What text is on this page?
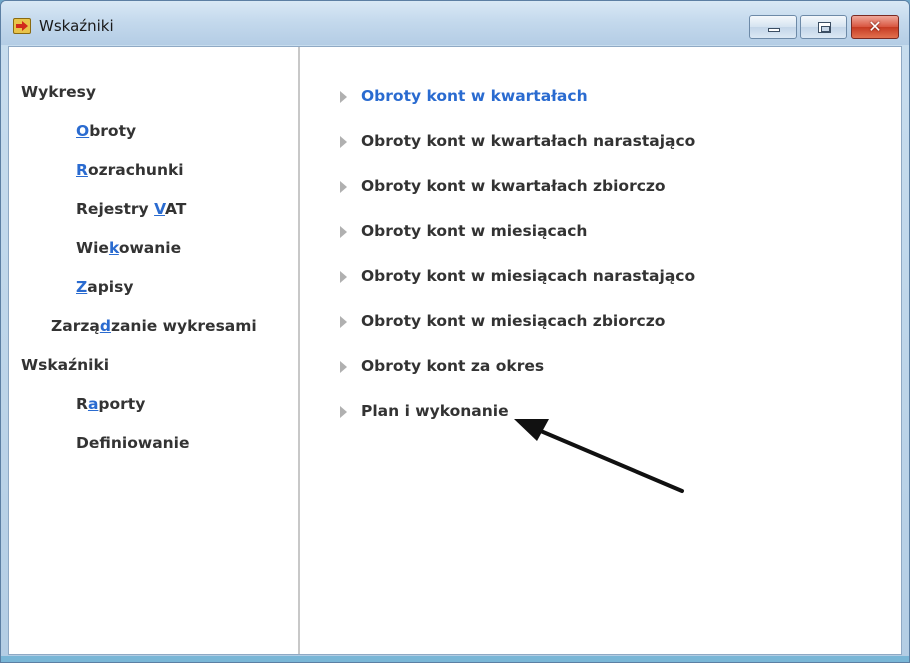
Wskaźniki	✕
Wykresy
Obroty
Rozrachunki
Rejestry VAT
Wiekowanie
Zapisy
Zarządzanie wykresami
Wskaźniki
Raporty
Defniowanie
Obroty kont w kwartałach
Obroty kont w kwartałach narastająco
Obroty kont w kwartałach zbiorczo
Obroty kont w miesiącach
Obroty kont w miesiącach narastająco
Obroty kont w miesiącach zbiorczo
Obroty kont za okres
Plan i wykonanie
